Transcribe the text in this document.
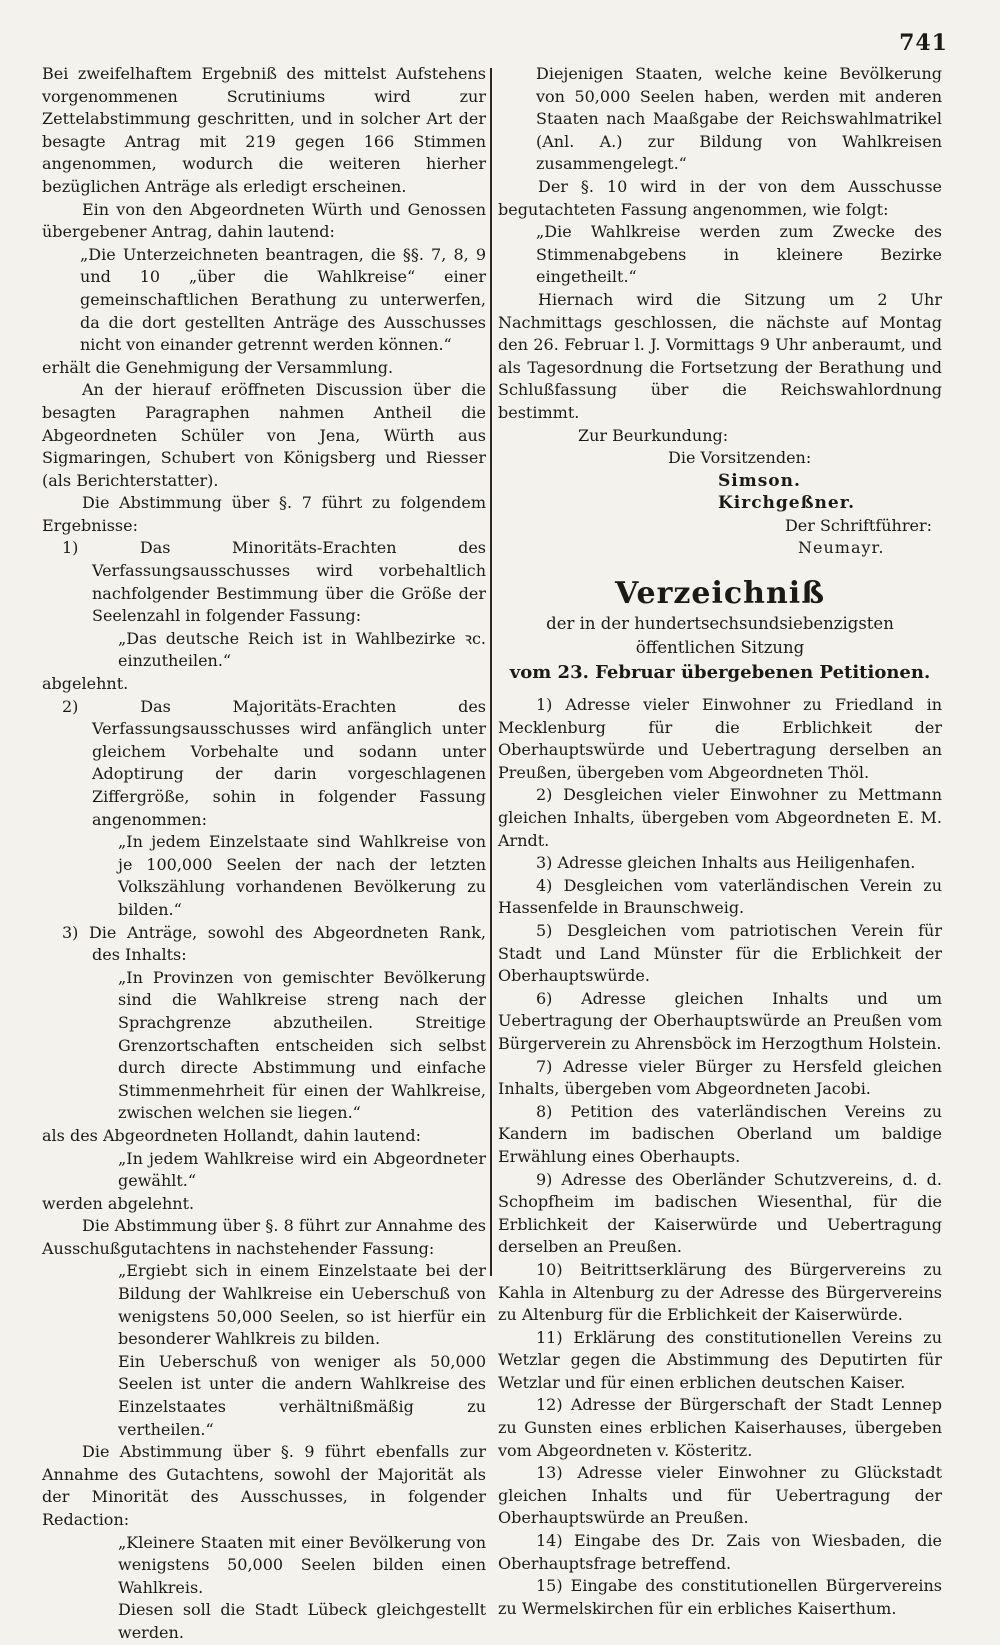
741

Bei zweifelhaftem Ergebniß des mittelst Aufstehens vorgenommenen Scrutiniums wird zur Zettelabstimmung geschritten, und in solcher Art der besagte Antrag mit 219 gegen 166 Stimmen angenommen, wodurch die weiteren hierher bezüglichen Anträge als erledigt erscheinen.

Ein von den Abgeordneten Würth und Genossen übergebener Antrag, dahin lautend:

„Die Unterzeichneten beantragen, die §§. 7, 8, 9 und 10 „über die Wahlkreise“ einer gemeinschaftlichen Berathung zu unterwerfen, da die dort gestellten Anträge des Ausschusses nicht von einander getrennt werden können.“

erhält die Genehmigung der Versammlung.

An der hierauf eröffneten Discussion über die besagten Paragraphen nahmen Antheil die Abgeordneten Schüler von Jena, Würth aus Sigmaringen, Schubert von Königsberg und Riesser (als Berichterstatter).

Die Abstimmung über §. 7 führt zu folgendem Ergebnisse:

1) Das Minoritäts-Erachten des Verfassungsausschusses wird vorbehaltlich nachfolgender Bestimmung über die Größe der Seelenzahl in folgender Fassung:

„Das deutsche Reich ist in Wahlbezirke ꝛc. einzutheilen.“

abgelehnt.

2) Das Majoritäts-Erachten des Verfassungsausschusses wird anfänglich unter gleichem Vorbehalte und sodann unter Adoptirung der darin vorgeschlagenen Ziffergröße, sohin in folgender Fassung angenommen:

„In jedem Einzelstaate sind Wahlkreise von je 100,000 Seelen der nach der letzten Volkszählung vorhandenen Bevölkerung zu bilden.“

3) Die Anträge, sowohl des Abgeordneten Rank, des Inhalts:

„In Provinzen von gemischter Bevölkerung sind die Wahlkreise streng nach der Sprachgrenze abzutheilen. Streitige Grenzortschaften entscheiden sich selbst durch directe Abstimmung und einfache Stimmenmehrheit für einen der Wahlkreise, zwischen welchen sie liegen.“

als des Abgeordneten Hollandt, dahin lautend:

„In jedem Wahlkreise wird ein Abgeordneter gewählt.“

werden abgelehnt.

Die Abstimmung über §. 8 führt zur Annahme des Ausschußgutachtens in nachstehender Fassung:

„Ergiebt sich in einem Einzelstaate bei der Bildung der Wahlkreise ein Ueberschuß von wenigstens 50,000 Seelen, so ist hierfür ein besonderer Wahlkreis zu bilden.

Ein Ueberschuß von weniger als 50,000 Seelen ist unter die andern Wahlkreise des Einzelstaates verhältnißmäßig zu vertheilen.“

Die Abstimmung über §. 9 führt ebenfalls zur Annahme des Gutachtens, sowohl der Majorität als der Minorität des Ausschusses, in folgender Redaction:

„Kleinere Staaten mit einer Bevölkerung von wenigstens 50,000 Seelen bilden einen Wahlkreis.

Diesen soll die Stadt Lübeck gleichgestellt werden.

Diejenigen Staaten, welche keine Bevölkerung von 50,000 Seelen haben, werden mit anderen Staaten nach Maaßgabe der Reichswahlmatrikel (Anl. A.) zur Bildung von Wahlkreisen zusammengelegt.“

Der §. 10 wird in der von dem Ausschusse begutachteten Fassung angenommen, wie folgt:

„Die Wahlkreise werden zum Zwecke des Stimmenabgebens in kleinere Bezirke eingetheilt.“

Hiernach wird die Sitzung um 2 Uhr Nachmittags geschlossen, die nächste auf Montag den 26. Februar l. J. Vormittags 9 Uhr anberaumt, und als Tagesordnung die Fortsetzung der Berathung und Schlußfassung über die Reichswahlordnung bestimmt.

Zur Beurkundung:

Die Vorsitzenden:

Simson.

Kirchgeßner.

Der Schriftführer:

Neumayr.

Verzeichniß
der in der hundertsechsundsiebenzigsten öffentlichen Sitzung
vom 23. Februar übergebenen Petitionen.

1) Adresse vieler Einwohner zu Friedland in Mecklenburg für die Erblichkeit der Oberhauptswürde und Uebertragung derselben an Preußen, übergeben vom Abgeordneten Thöl.

2) Desgleichen vieler Einwohner zu Mettmann gleichen Inhalts, übergeben vom Abgeordneten E. M. Arndt.

3) Adresse gleichen Inhalts aus Heiligenhafen.

4) Desgleichen vom vaterländischen Verein zu Hassenfelde in Braunschweig.

5) Desgleichen vom patriotischen Verein für Stadt und Land Münster für die Erblichkeit der Oberhauptswürde.

6) Adresse gleichen Inhalts und um Uebertragung der Oberhauptswürde an Preußen vom Bürgerverein zu Ahrensböck im Herzogthum Holstein.

7) Adresse vieler Bürger zu Hersfeld gleichen Inhalts, übergeben vom Abgeordneten Jacobi.

8) Petition des vaterländischen Vereins zu Kandern im badischen Oberland um baldige Erwählung eines Oberhaupts.

9) Adresse des Oberländer Schutzvereins, d. d. Schopfheim im badischen Wiesenthal, für die Erblichkeit der Kaiserwürde und Uebertragung derselben an Preußen.

10) Beitrittserklärung des Bürgervereins zu Kahla in Altenburg zu der Adresse des Bürgervereins zu Altenburg für die Erblichkeit der Kaiserwürde.

11) Erklärung des constitutionellen Vereins zu Wetzlar gegen die Abstimmung des Deputirten für Wetzlar und für einen erblichen deutschen Kaiser.

12) Adresse der Bürgerschaft der Stadt Lennep zu Gunsten eines erblichen Kaiserhauses, übergeben vom Abgeordneten v. Kösteritz.

13) Adresse vieler Einwohner zu Glückstadt gleichen Inhalts und für Uebertragung der Oberhauptswürde an Preußen.

14) Eingabe des Dr. Zais von Wiesbaden, die Oberhauptsfrage betreffend.

15) Eingabe des constitutionellen Bürgervereins zu Wermelskirchen für ein erbliches Kaiserthum.
